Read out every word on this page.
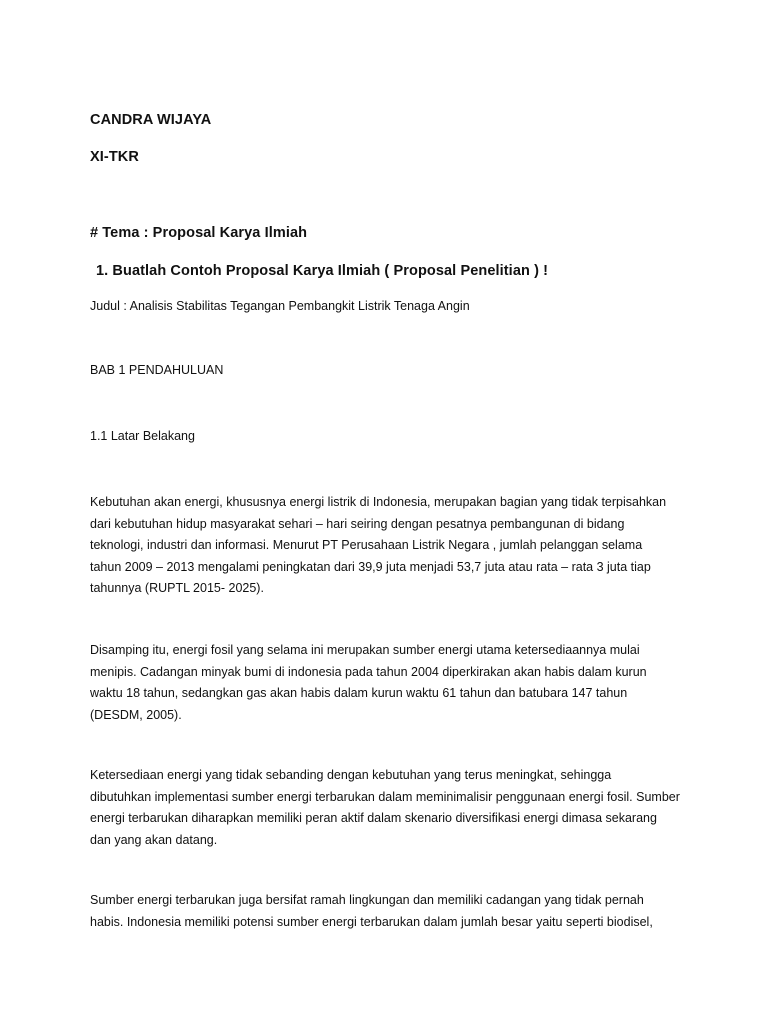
CANDRA WIJAYA

XI-TKR

# Tema : Proposal Karya Ilmiah

1. Buatlah Contoh Proposal Karya Ilmiah ( Proposal Penelitian ) !

Judul : Analisis Stabilitas Tegangan Pembangkit Listrik Tenaga Angin

BAB 1 PENDAHULUAN

1.1 Latar Belakang

Kebutuhan akan energi, khususnya energi listrik di Indonesia, merupakan bagian yang tidak terpisahkan
dari kebutuhan hidup masyarakat sehari – hari seiring dengan pesatnya pembangunan di bidang
teknologi, industri dan informasi. Menurut PT Perusahaan Listrik Negara , jumlah pelanggan selama
tahun 2009 – 2013 mengalami peningkatan dari 39,9 juta menjadi 53,7 juta atau rata – rata 3 juta tiap
tahunnya (RUPTL 2015- 2025).
Disamping itu, energi fosil yang selama ini merupakan sumber energi utama ketersediaannya mulai
menipis. Cadangan minyak bumi di indonesia pada tahun 2004 diperkirakan akan habis dalam kurun
waktu 18 tahun, sedangkan gas akan habis dalam kurun waktu 61 tahun dan batubara 147 tahun
(DESDM, 2005).
Ketersediaan energi yang tidak sebanding dengan kebutuhan yang terus meningkat, sehingga
dibutuhkan implementasi sumber energi terbarukan dalam meminimalisir penggunaan energi fosil. Sumber
energi terbarukan diharapkan memiliki peran aktif dalam skenario diversifikasi energi dimasa sekarang
dan yang akan datang.
Sumber energi terbarukan juga bersifat ramah lingkungan dan memiliki cadangan yang tidak pernah
habis. Indonesia memiliki potensi sumber energi terbarukan dalam jumlah besar yaitu seperti biodisel,
